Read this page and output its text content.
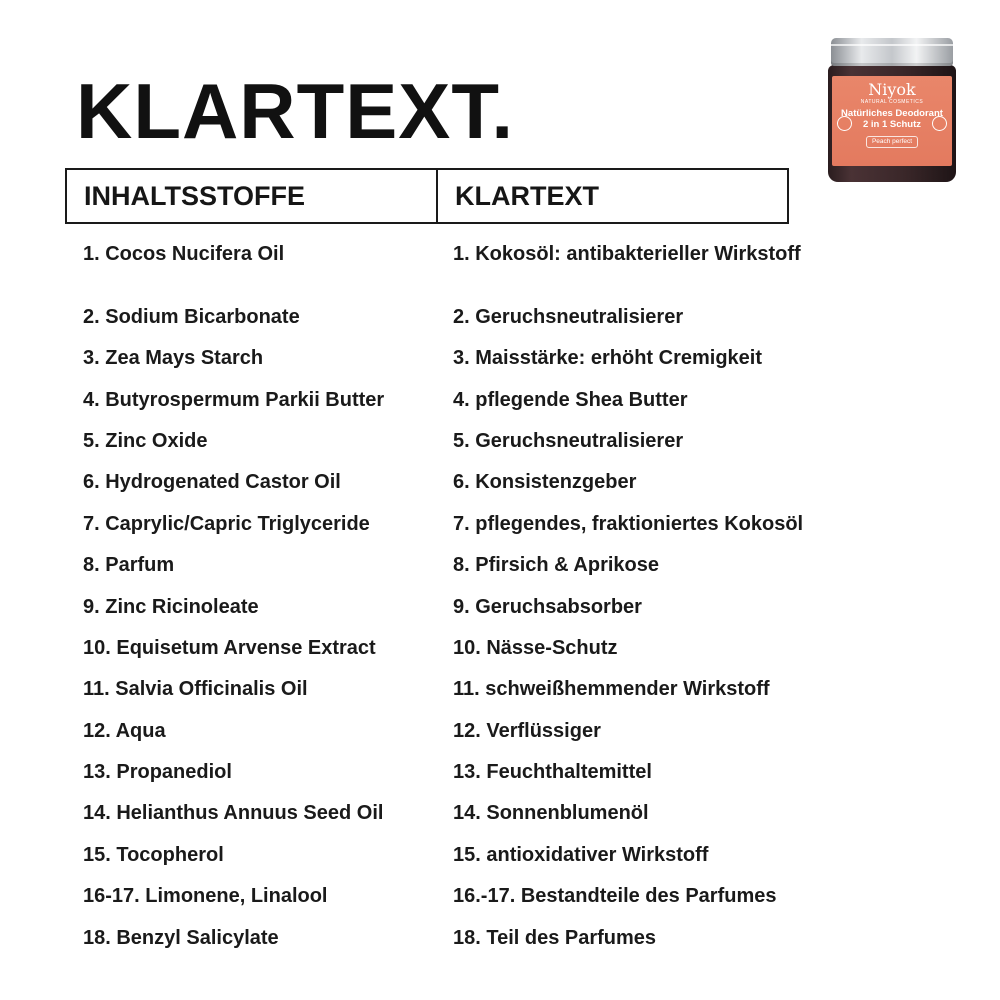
KLARTEXT.	Niyok
NATURAL COSMETICS
Natürliches Deodorant
2 in 1 Schutz
Peach perfect
INHALTSSTOFFE	KLARTEXT
1. Cocos Nucifera Oil	1. Kokosöl: antibakterieller Wirkstoff
2. Sodium Bicarbonate	2. Geruchsneutralisierer
3. Zea Mays Starch	3. Maisstärke: erhöht Cremigkeit
4. Butyrospermum Parkii Butter	4. pflegende Shea Butter
5. Zinc Oxide	5. Geruchsneutralisierer
6. Hydrogenated Castor Oil	6. Konsistenzgeber
7. Caprylic/Capric Triglyceride	7. pflegendes, fraktioniertes Kokosöl
8. Parfum	8. Pfirsich & Aprikose
9. Zinc Ricinoleate	9. Geruchsabsorber
10. Equisetum Arvense Extract	10. Nässe-Schutz
11. Salvia Officinalis Oil	11. schweißhemmender Wirkstoff
12. Aqua	12. Verflüssiger
13. Propanediol	13. Feuchthaltemittel
14. Helianthus Annuus Seed Oil	14. Sonnenblumenöl
15. Tocopherol	15. antioxidativer Wirkstoff
16-17. Limonene, Linalool	16.-17. Bestandteile des Parfumes
18. Benzyl Salicylate	18. Teil des Parfumes
